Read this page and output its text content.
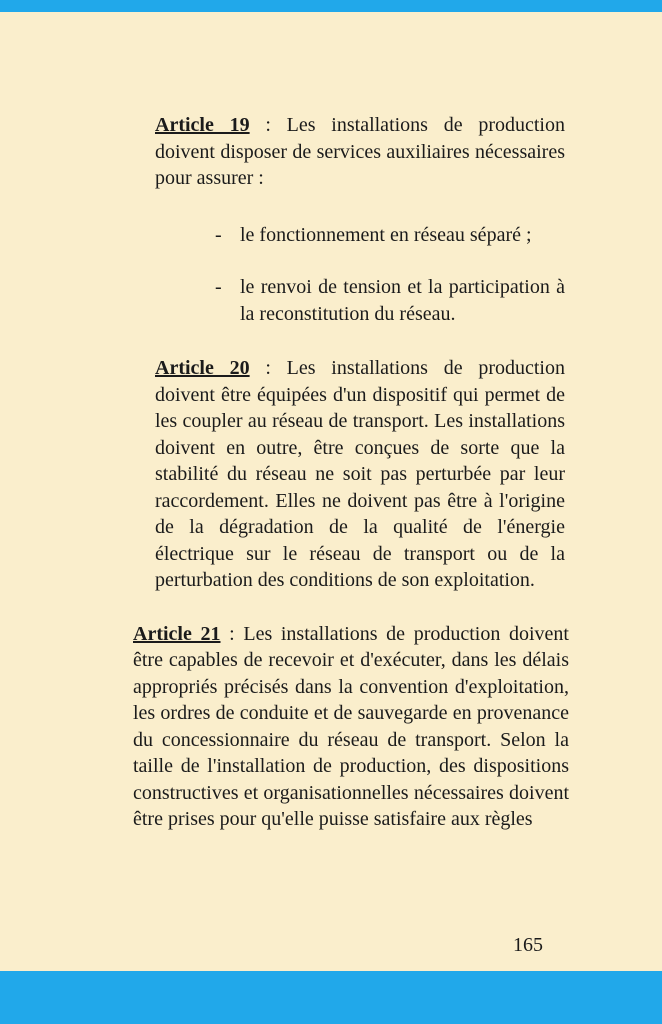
Article 19 : Les installations de production doivent disposer de services auxiliaires nécessaires pour assurer :

- le fonctionnement en réseau séparé ;
- le renvoi de tension et la participation à la reconstitution du réseau.

Article 20 : Les installations de production doivent être équipées d'un dispositif qui permet de les coupler au réseau de transport. Les installations doivent en outre, être conçues de sorte que la stabilité du réseau ne soit pas perturbée par leur raccordement. Elles ne doivent pas être à l'origine de la dégradation de la qualité de l'énergie électrique sur le réseau de transport ou de la perturbation des conditions de son exploitation.

Article 21 : Les installations de production doivent être capables de recevoir et d'exécuter, dans les délais appropriés précisés dans la convention d'exploitation, les ordres de conduite et de sauvegarde en provenance du concessionnaire du réseau de transport. Selon la taille de l'installation de production, des dispositions constructives et organisationnelles nécessaires doivent être prises pour qu'elle puisse satisfaire aux règles

165
